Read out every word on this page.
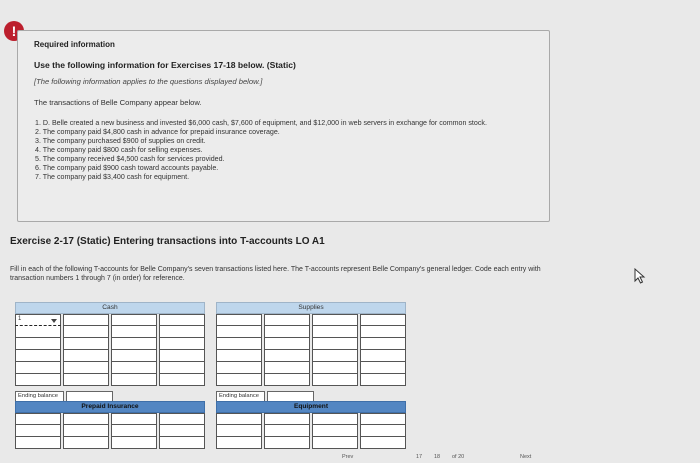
!
Required information
Use the following information for Exercises 17-18 below. (Static)
[The following information applies to the questions displayed below.]
The transactions of Belle Company appear below.
1. D. Belle created a new business and invested $6,000 cash, $7,600 of equipment, and $12,000 in web servers in exchange for common stock.
2. The company paid $4,800 cash in advance for prepaid insurance coverage.
3. The company purchased $900 of supplies on credit.
4. The company paid $800 cash for selling expenses.
5. The company received $4,500 cash for services provided.
6. The company paid $900 cash toward accounts payable.
7. The company paid $3,400 cash for equipment.
Exercise 2-17 (Static) Entering transactions into T-accounts LO A1
Fill in each of the following T-accounts for Belle Company's seven transactions listed here. The T-accounts represent Belle Company's general ledger. Code each entry with transaction numbers 1 through 7 (in order) for reference.
Cash
1
Ending balance
Supplies
Ending balance
Prepaid Insurance	Equipment
Prev	17 18 of 20	Next
